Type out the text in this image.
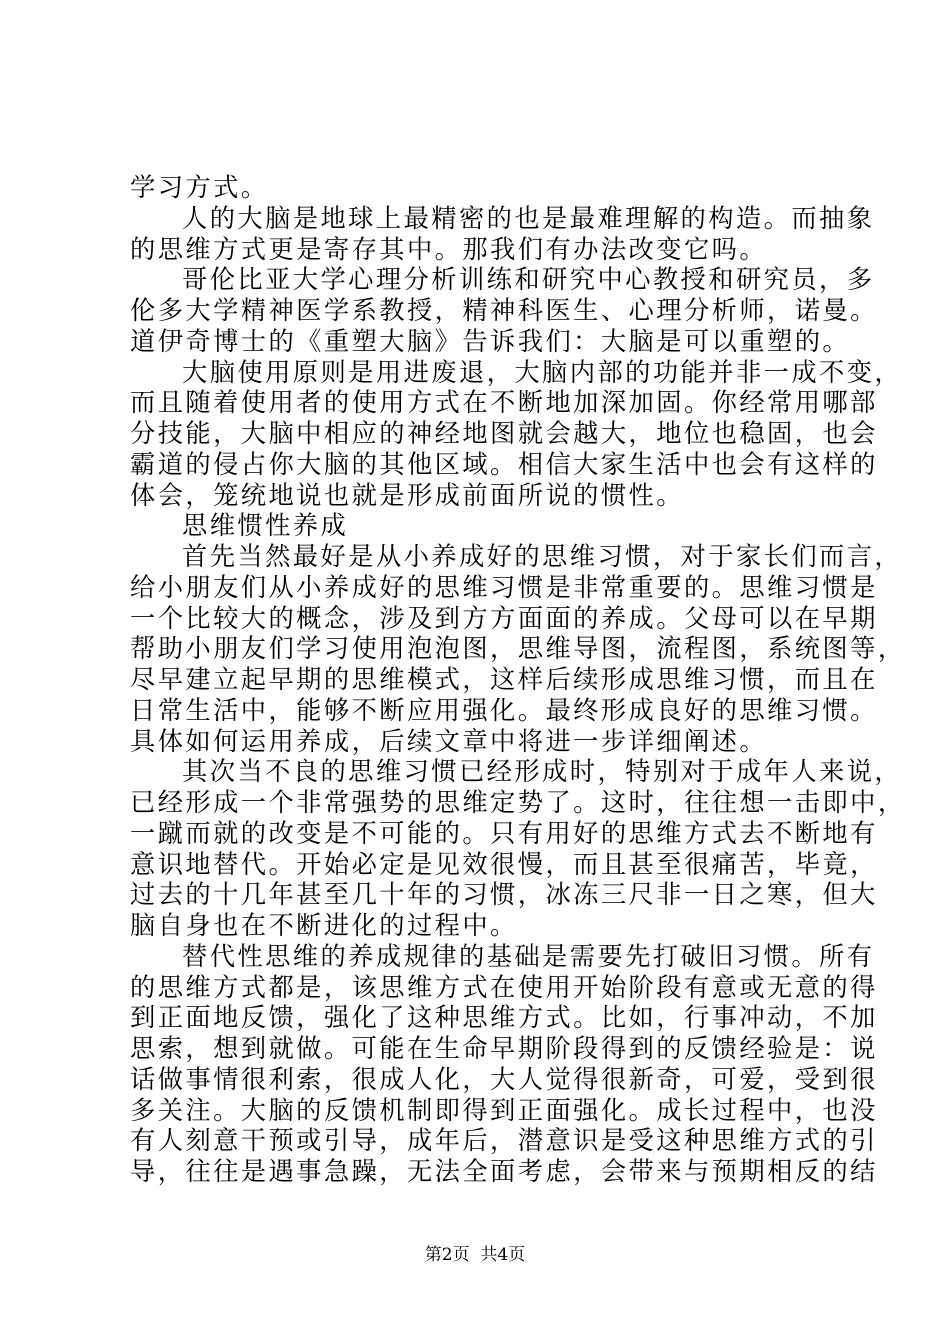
学习方式。
人的大脑是地球上最精密的也是最难理解的构造。而抽象
的思维方式更是寄存其中。那我们有办法改变它吗。
哥伦比亚大学心理分析训练和研究中心教授和研究员，多
伦多大学精神医学系教授，精神科医生、心理分析师，诺曼。
道伊奇博士的《重塑大脑》告诉我们：大脑是可以重塑的。
大脑使用原则是用进废退，大脑内部的功能并非一成不变，
而且随着使用者的使用方式在不断地加深加固。你经常用哪部
分技能，大脑中相应的神经地图就会越大，地位也稳固，也会
霸道的侵占你大脑的其他区域。相信大家生活中也会有这样的
体会，笼统地说也就是形成前面所说的惯性。
思维惯性养成
首先当然最好是从小养成好的思维习惯，对于家长们而言，
给小朋友们从小养成好的思维习惯是非常重要的。思维习惯是
一个比较大的概念，涉及到方方面面的养成。父母可以在早期
帮助小朋友们学习使用泡泡图，思维导图，流程图，系统图等，
尽早建立起早期的思维模式，这样后续形成思维习惯，而且在
日常生活中，能够不断应用强化。最终形成良好的思维习惯。
具体如何运用养成，后续文章中将进一步详细阐述。
其次当不良的思维习惯已经形成时，特别对于成年人来说，
已经形成一个非常强势的思维定势了。这时，往往想一击即中，
一蹴而就的改变是不可能的。只有用好的思维方式去不断地有
意识地替代。开始必定是见效很慢，而且甚至很痛苦，毕竟，
过去的十几年甚至几十年的习惯，冰冻三尺非一日之寒，但大
脑自身也在不断进化的过程中。
替代性思维的养成规律的基础是需要先打破旧习惯。所有
的思维方式都是，该思维方式在使用开始阶段有意或无意的得
到正面地反馈，强化了这种思维方式。比如，行事冲动，不加
思索，想到就做。可能在生命早期阶段得到的反馈经验是：说
话做事情很利索，很成人化，大人觉得很新奇，可爱，受到很
多关注。大脑的反馈机制即得到正面强化。成长过程中，也没
有人刻意干预或引导，成年后，潜意识是受这种思维方式的引
导，往往是遇事急躁，无法全面考虑，会带来与预期相反的结
第2页  共4页
